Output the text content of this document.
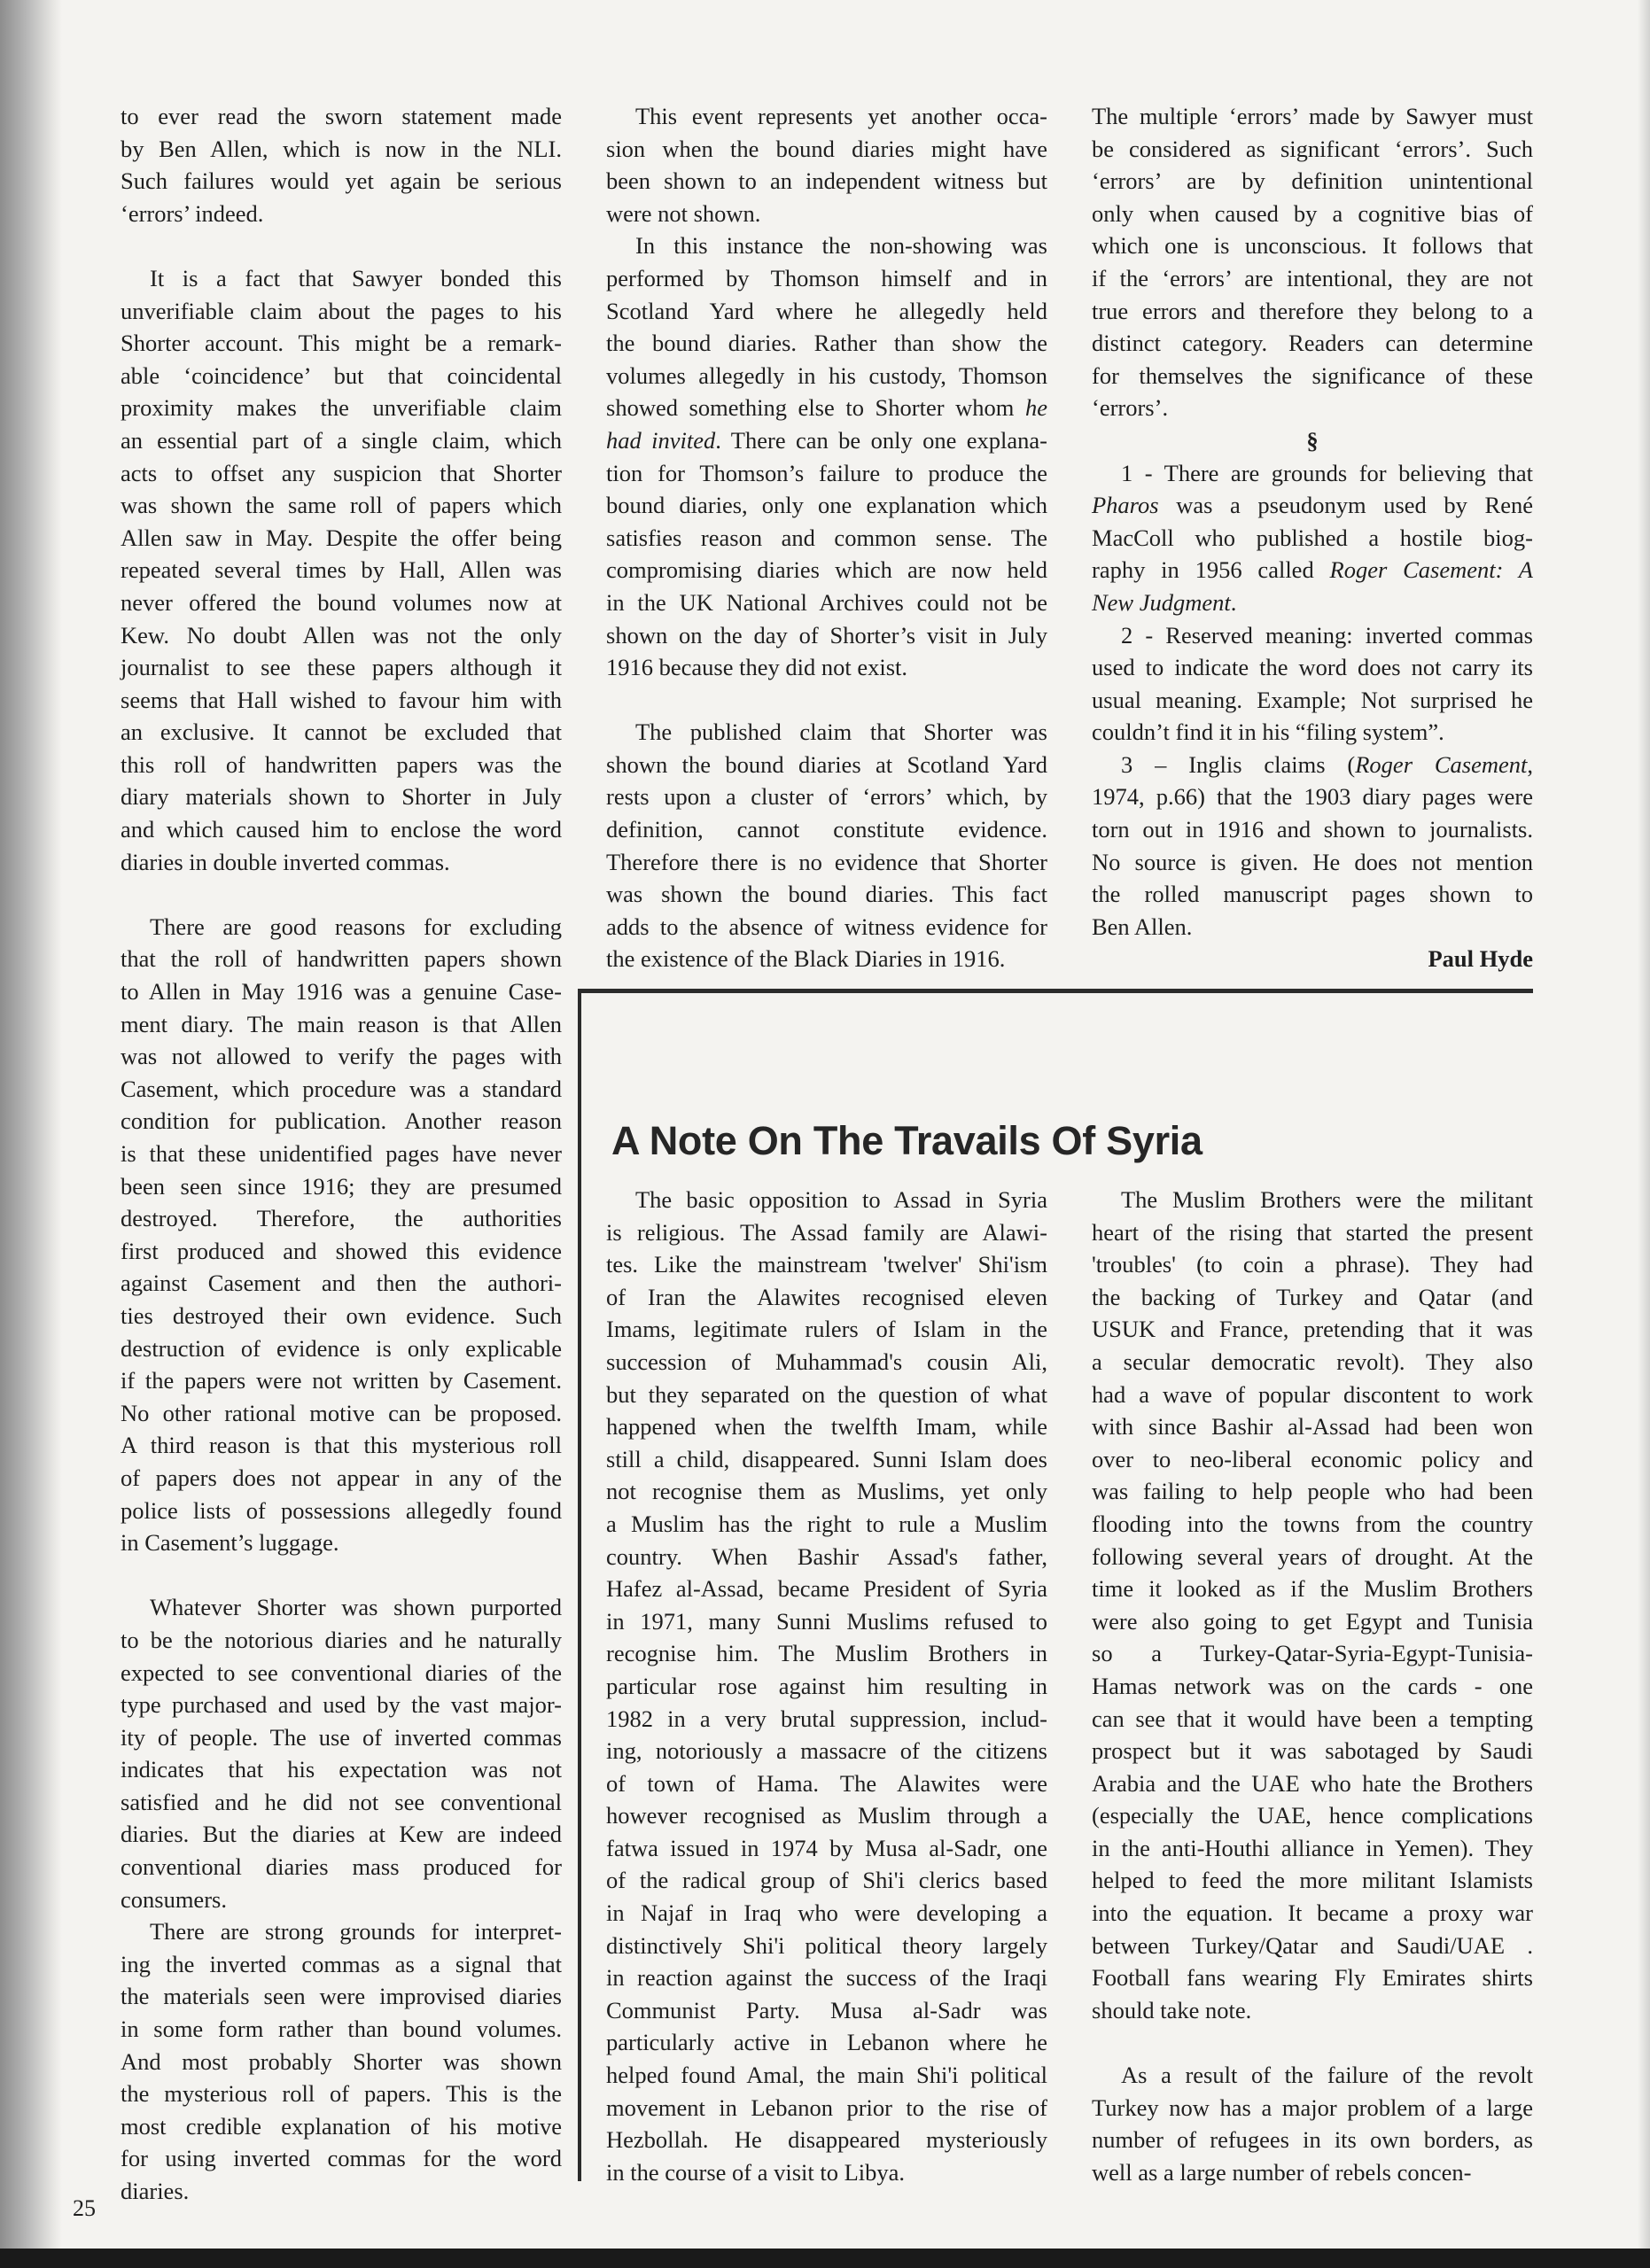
to ever read the sworn statement made
by Ben Allen, which is now in the NLI.
Such failures would yet again be serious
‘errors’ indeed.
It is a fact that Sawyer bonded this
unverifiable claim about the pages to his
Shorter account. This might be a remark-
able ‘coincidence’ but that coincidental
proximity makes the unverifiable claim
an essential part of a single claim, which
acts to offset any suspicion that Shorter
was shown the same roll of papers which
Allen saw in May. Despite the offer being
repeated several times by Hall, Allen was
never offered the bound volumes now at
Kew. No doubt Allen was not the only
journalist to see these papers although it
seems that Hall wished to favour him with
an exclusive. It cannot be excluded that
this roll of handwritten papers was the
diary materials shown to Shorter in July
and which caused him to enclose the word
diaries in double inverted commas.
There are good reasons for excluding
that the roll of handwritten papers shown
to Allen in May 1916 was a genuine Case-
ment diary. The main reason is that Allen
was not allowed to verify the pages with
Casement, which procedure was a standard
condition for publication. Another reason
is that these unidentified pages have never
been seen since 1916; they are presumed
destroyed. Therefore, the authorities
first produced and showed this evidence
against Casement and then the authori-
ties destroyed their own evidence. Such
destruction of evidence is only explicable
if the papers were not written by Casement.
No other rational motive can be proposed.
A third reason is that this mysterious roll
of papers does not appear in any of the
police lists of possessions allegedly found
in Casement’s luggage.
Whatever Shorter was shown purported
to be the notorious diaries and he naturally
expected to see conventional diaries of the
type purchased and used by the vast major-
ity of people. The use of inverted commas
indicates that his expectation was not
satisfied and he did not see conventional
diaries. But the diaries at Kew are indeed
conventional diaries mass produced for
consumers.
There are strong grounds for interpret-
ing the inverted commas as a signal that
the materials seen were improvised diaries
in some form rather than bound volumes.
And most probably Shorter was shown
the mysterious roll of papers. This is the
most credible explanation of his motive
for using inverted commas for the word
diaries.
This event represents yet another occa-
sion when the bound diaries might have
been shown to an independent witness but
were not shown.
In this instance the non-showing was
performed by Thomson himself and in
Scotland Yard where he allegedly held
the bound diaries. Rather than show the
volumes allegedly in his custody, Thomson
showed something else to Shorter whom he
had invited. There can be only one explana-
tion for Thomson’s failure to produce the
bound diaries, only one explanation which
satisfies reason and common sense. The
compromising diaries which are now held
in the UK National Archives could not be
shown on the day of Shorter’s visit in July
1916 because they did not exist.
The published claim that Shorter was
shown the bound diaries at Scotland Yard
rests upon a cluster of ‘errors’ which, by
definition, cannot constitute evidence.
Therefore there is no evidence that Shorter
was shown the bound diaries. This fact
adds to the absence of witness evidence for
the existence of the Black Diaries in 1916.
The multiple ‘errors’ made by Sawyer must
be considered as significant ‘errors’. Such
‘errors’ are by definition unintentional
only when caused by a cognitive bias of
which one is unconscious. It follows that
if the ‘errors’ are intentional, they are not
true errors and therefore they belong to a
distinct category. Readers can determine
for themselves the significance of these
‘errors’.
§
1 - There are grounds for believing that
Pharos was a pseudonym used by René
MacColl who published a hostile biog-
raphy in 1956 called Roger Casement: A
New Judgment.
2 - Reserved meaning: inverted commas
used to indicate the word does not carry its
usual meaning. Example; Not surprised he
couldn’t find it in his “filing system”.
3 – Inglis claims (Roger Casement,
1974, p.66) that the 1903 diary pages were
torn out in 1916 and shown to journalists.
No source is given. He does not mention
the rolled manuscript pages shown to
Ben Allen.
Paul Hyde
A Note On The Travails Of Syria
The basic opposition to Assad in Syria
is religious. The Assad family are Alawi-
tes. Like the mainstream 'twelver' Shi'ism
of Iran the Alawites recognised eleven
Imams, legitimate rulers of Islam in the
succession of Muhammad's cousin Ali,
but they separated on the question of what
happened when the twelfth Imam, while
still a child, disappeared. Sunni Islam does
not recognise them as Muslims, yet only
a Muslim has the right to rule a Muslim
country. When Bashir Assad's father,
Hafez al-Assad, became President of Syria
in 1971, many Sunni Muslims refused to
recognise him. The Muslim Brothers in
particular rose against him resulting in
1982 in a very brutal suppression, includ-
ing, notoriously a massacre of the citizens
of town of Hama. The Alawites were
however recognised as Muslim through a
fatwa issued in 1974 by Musa al-Sadr, one
of the radical group of Shi'i clerics based
in Najaf in Iraq who were developing a
distinctively Shi'i political theory largely
in reaction against the success of the Iraqi
Communist Party. Musa al-Sadr was
particularly active in Lebanon where he
helped found Amal, the main Shi'i political
movement in Lebanon prior to the rise of
Hezbollah. He disappeared mysteriously
in the course of a visit to Libya.
The Muslim Brothers were the militant
heart of the rising that started the present
'troubles' (to coin a phrase). They had
the backing of Turkey and Qatar (and
USUK and France, pretending that it was
a secular democratic revolt). They also
had a wave of popular discontent to work
with since Bashir al-Assad had been won
over to neo-liberal economic policy and
was failing to help people who had been
flooding into the towns from the country
following several years of drought. At the
time it looked as if the Muslim Brothers
were also going to get Egypt and Tunisia
so a Turkey-Qatar-Syria-Egypt-Tunisia-
Hamas network was on the cards - one
can see that it would have been a tempting
prospect but it was sabotaged by Saudi
Arabia and the UAE who hate the Brothers
(especially the UAE, hence complications
in the anti-Houthi alliance in Yemen). They
helped to feed the more militant Islamists
into the equation. It became a proxy war
between Turkey/Qatar and Saudi/UAE .
Football fans wearing Fly Emirates shirts
should take note.
As a result of the failure of the revolt
Turkey now has a major problem of a large
number of refugees in its own borders, as
well as a large number of rebels concen-
25
